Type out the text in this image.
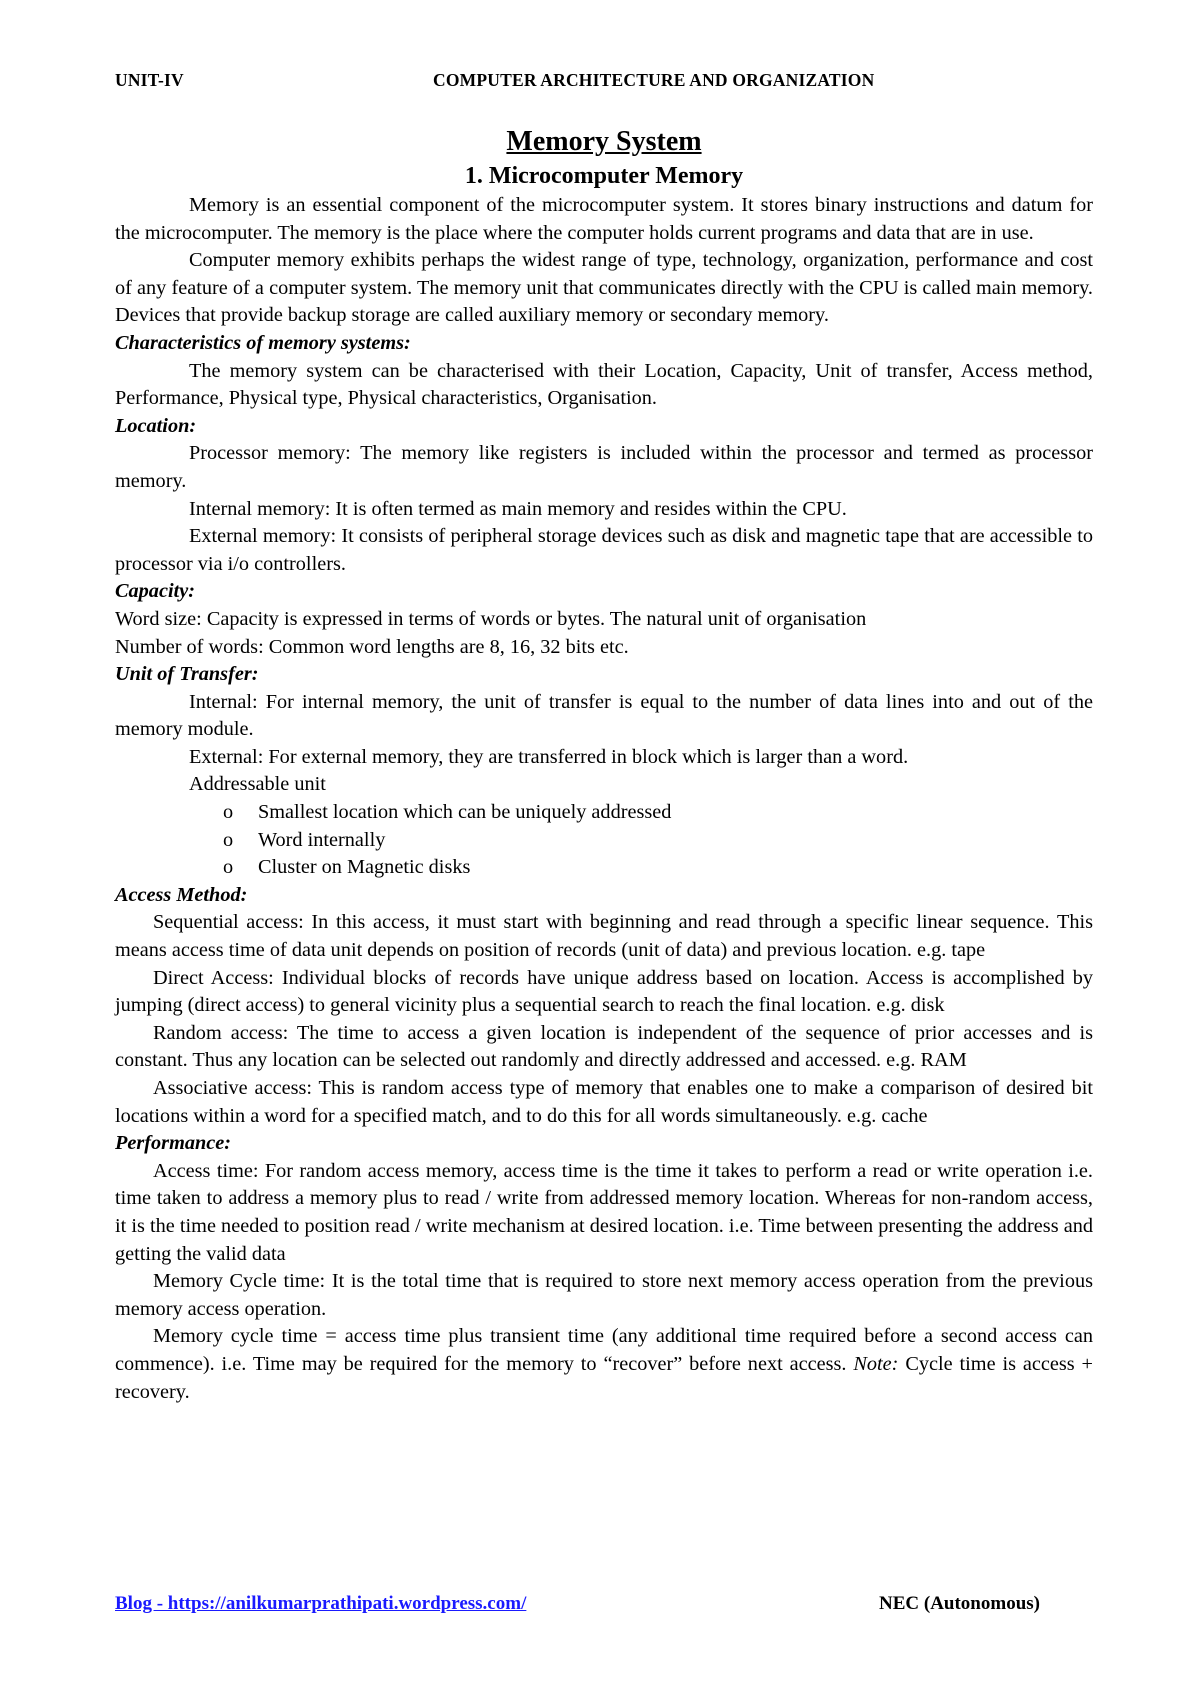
UNIT-IV	COMPUTER ARCHITECTURE AND ORGANIZATION
Memory System
1. Microcomputer Memory

Memory is an essential component of the microcomputer system. It stores binary instructions and datum for the microcomputer. The memory is the place where the computer holds current programs and data that are in use.

Computer memory exhibits perhaps the widest range of type, technology, organization, performance and cost of any feature of a computer system. The memory unit that communicates directly with the CPU is called main memory. Devices that provide backup storage are called auxiliary memory or secondary memory.

Characteristics of memory systems:

The memory system can be characterised with their Location, Capacity, Unit of transfer, Access method, Performance, Physical type, Physical characteristics, Organisation.

Location:

Processor memory: The memory like registers is included within the processor and termed as processor memory.

Internal memory: It is often termed as main memory and resides within the CPU.

External memory: It consists of peripheral storage devices such as disk and magnetic tape that are accessible to processor via i/o controllers.

Capacity:

Word size: Capacity is expressed in terms of words or bytes. The natural unit of organisation

Number of words: Common word lengths are 8, 16, 32 bits etc.

Unit of Transfer:

Internal: For internal memory, the unit of transfer is equal to the number of data lines into and out of the memory module.

External: For external memory, they are transferred in block which is larger than a word.

Addressable unit

o Smallest location which can be uniquely addressed
o Word internally
o Cluster on Magnetic disks
Access Method:

Sequential access: In this access, it must start with beginning and read through a specific linear sequence. This means access time of data unit depends on position of records (unit of data) and previous location. e.g. tape

Direct Access: Individual blocks of records have unique address based on location. Access is accomplished by jumping (direct access) to general vicinity plus a sequential search to reach the final location. e.g. disk

Random access: The time to access a given location is independent of the sequence of prior accesses and is constant. Thus any location can be selected out randomly and directly addressed and accessed. e.g. RAM

Associative access: This is random access type of memory that enables one to make a comparison of desired bit locations within a word for a specified match, and to do this for all words simultaneously. e.g. cache

Performance:

Access time: For random access memory, access time is the time it takes to perform a read or write operation i.e. time taken to address a memory plus to read / write from addressed memory location. Whereas for non-random access, it is the time needed to position read / write mechanism at desired location. i.e. Time between presenting the address and getting the valid data

Memory Cycle time: It is the total time that is required to store next memory access operation from the previous memory access operation.

Memory cycle time = access time plus transient time (any additional time required before a second access can commence). i.e. Time may be required for the memory to “recover” before next access. Note: Cycle time is access + recovery.

Blog - https://anilkumarprathipati.wordpress.com/	NEC (Autonomous)
